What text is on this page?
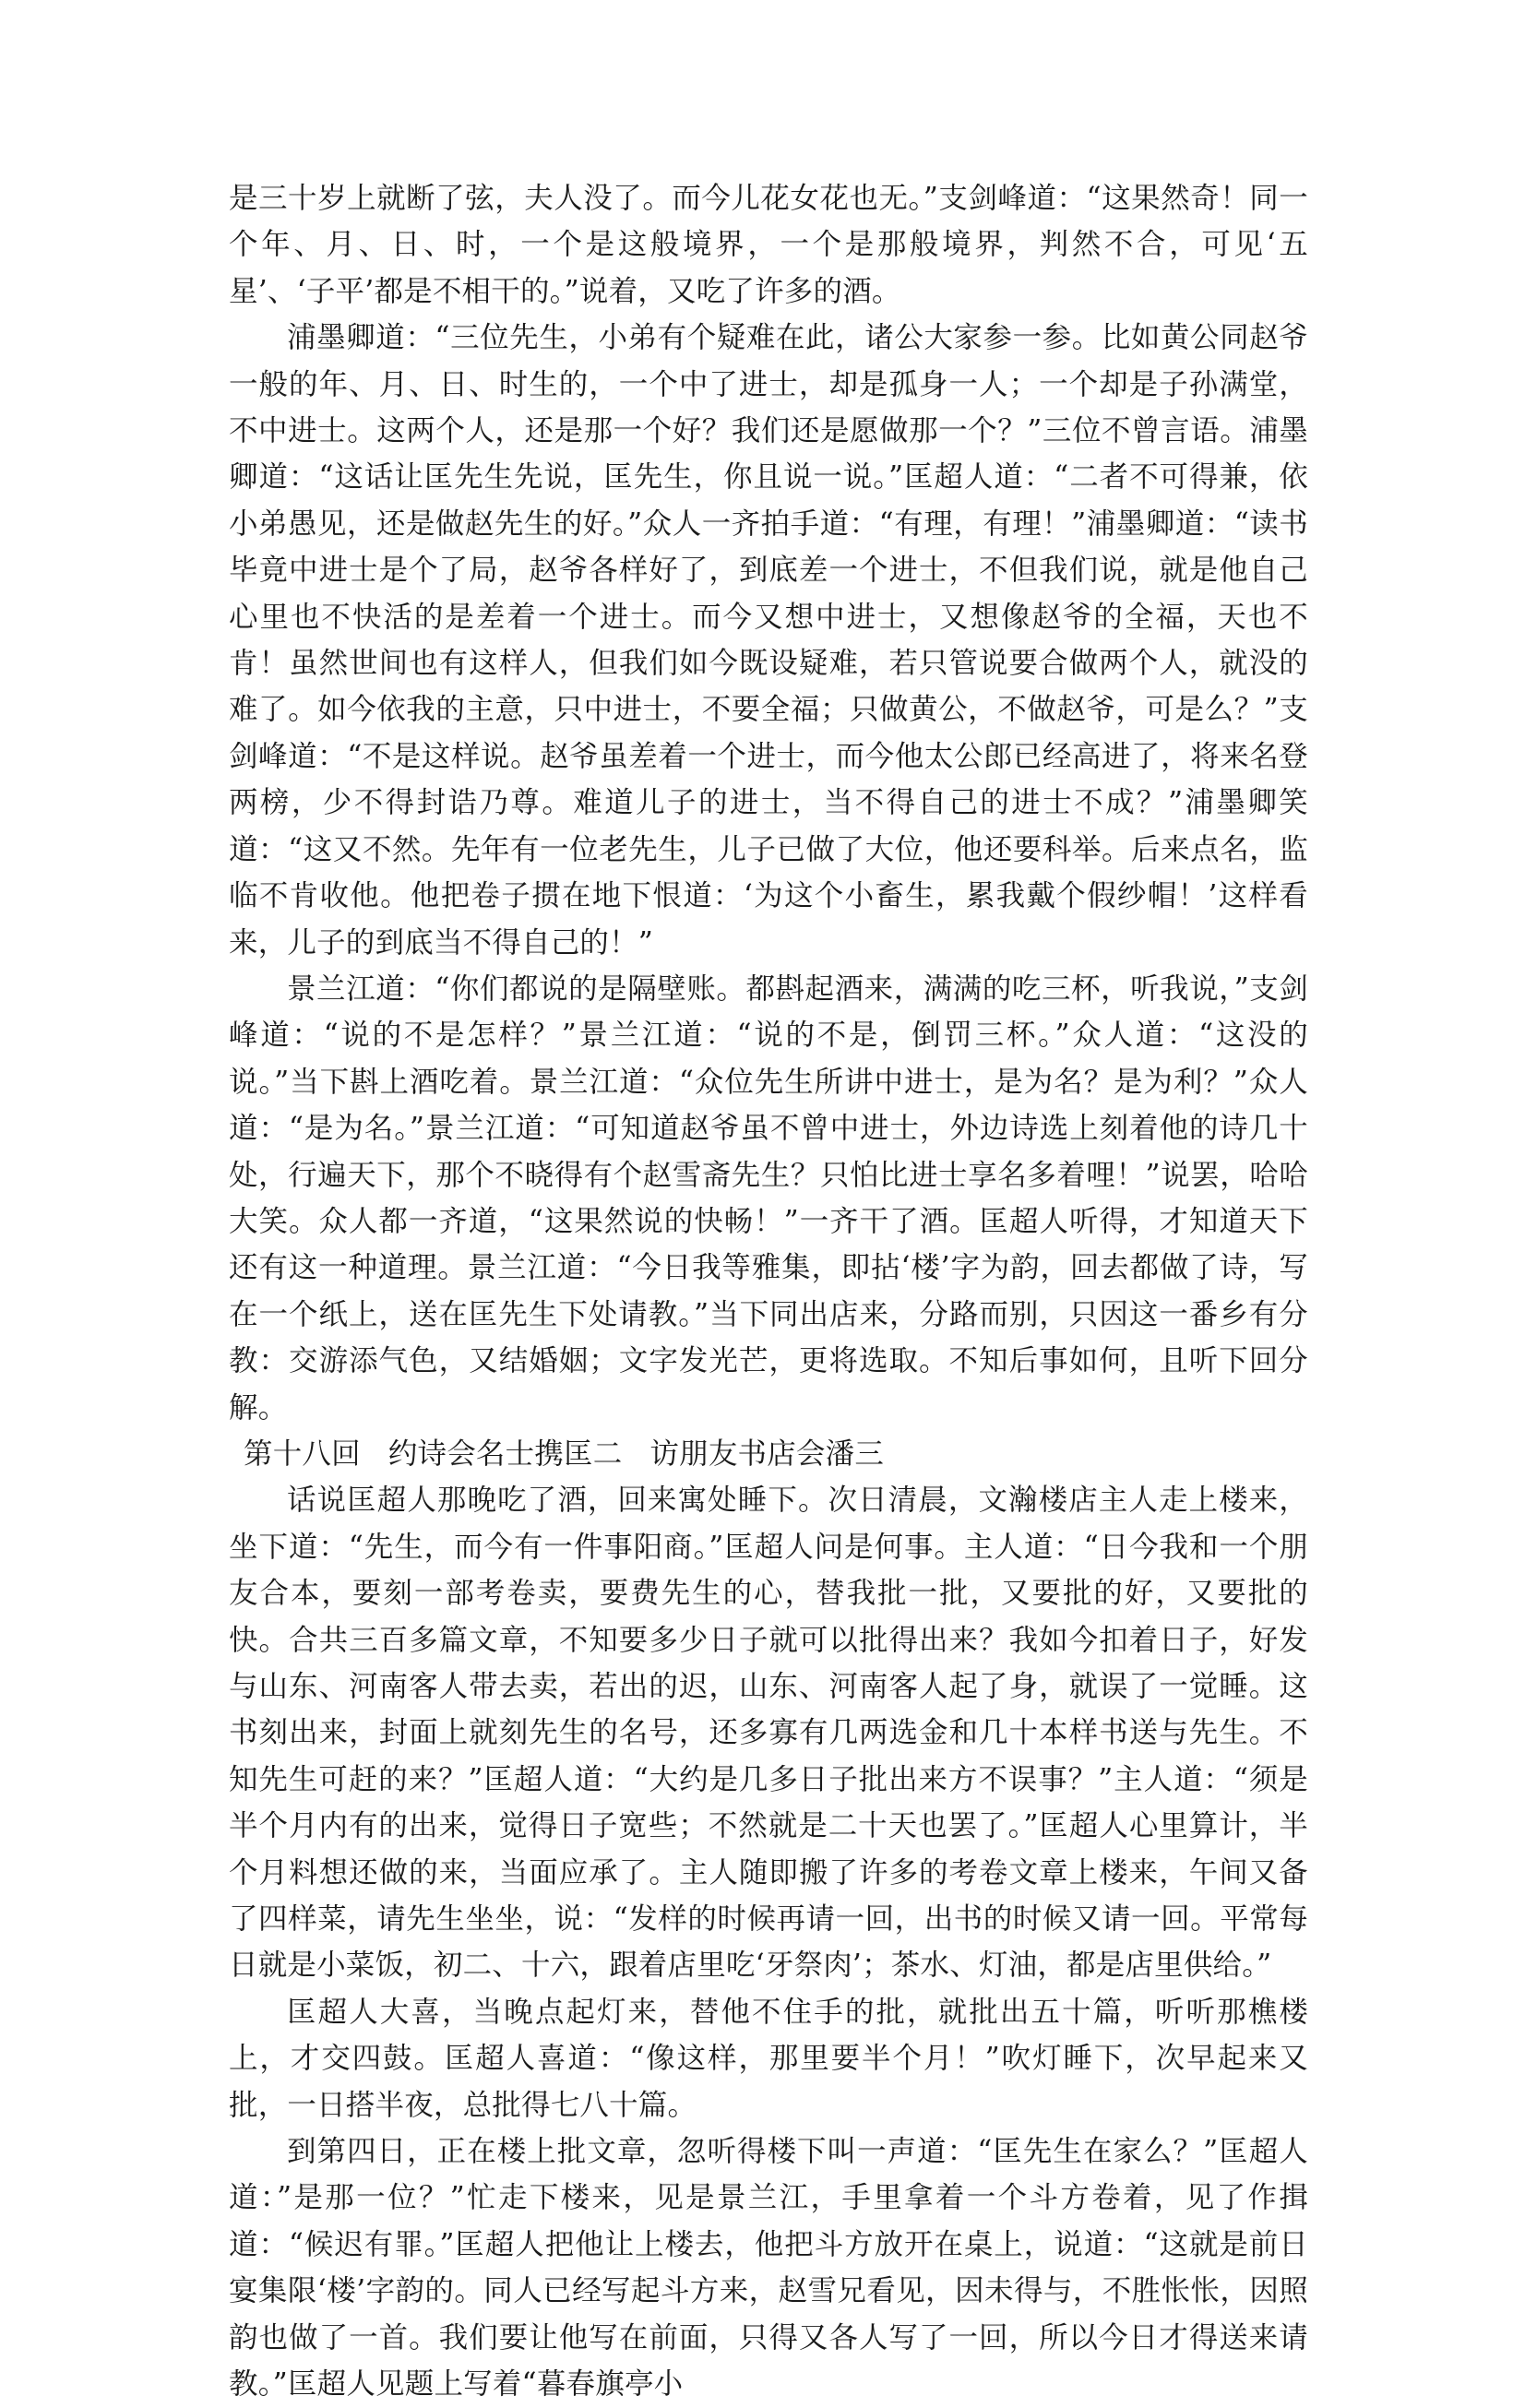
是三十岁上就断了弦，夫人没了。而今儿花女花也无。”支剑峰道：“这果然奇！同一个年、月、日、时，一个是这般境界，一个是那般境界，判然不合，可见‘五星’、‘子平’都是不相干的。”说着，又吃了许多的酒。

浦墨卿道：“三位先生，小弟有个疑难在此，诸公大家参一参。比如黄公同赵爷一般的年、月、日、时生的，一个中了进士，却是孤身一人；一个却是子孙满堂，不中进士。这两个人，还是那一个好？我们还是愿做那一个？”三位不曾言语。浦墨卿道：“这话让匡先生先说，匡先生，你且说一说。”匡超人道：“二者不可得兼，依小弟愚见，还是做赵先生的好。”众人一齐拍手道：“有理，有理！”浦墨卿道：“读书毕竟中进士是个了局，赵爷各样好了，到底差一个进士，不但我们说，就是他自己心里也不快活的是差着一个进士。而今又想中进士，又想像赵爷的全福，天也不肯！虽然世间也有这样人，但我们如今既设疑难，若只管说要合做两个人，就没的难了。如今依我的主意，只中进士，不要全福；只做黄公，不做赵爷，可是么？”支剑峰道：“不是这样说。赵爷虽差着一个进士，而今他太公郎已经高进了，将来名登两榜，少不得封诰乃尊。难道儿子的进士，当不得自己的进士不成？”浦墨卿笑道：“这又不然。先年有一位老先生，儿子已做了大位，他还要科举。后来点名，监临不肯收他。他把卷子掼在地下恨道：‘为这个小畜生，累我戴个假纱帽！’这样看来，儿子的到底当不得自己的！”

景兰江道：“你们都说的是隔壁账。都斟起酒来，满满的吃三杯，听我说，”支剑峰道：“说的不是怎样？”景兰江道：“说的不是，倒罚三杯。”众人道：“这没的说。”当下斟上酒吃着。景兰江道：“众位先生所讲中进士，是为名？是为利？”众人道：“是为名。”景兰江道：“可知道赵爷虽不曾中进士，外边诗选上刻着他的诗几十处，行遍天下，那个不晓得有个赵雪斋先生？只怕比进士享名多着哩！”说罢，哈哈大笑。众人都一齐道，“这果然说的快畅！”一齐干了酒。匡超人听得，才知道天下还有这一种道理。景兰江道：“今日我等雅集，即拈‘楼’字为韵，回去都做了诗，写在一个纸上，送在匡先生下处请教。”当下同出店来，分路而别，只因这一番乡有分教：交游添气色，又结婚姻；文字发光芒，更将选取。不知后事如何，且听下回分解。

第十八回 约诗会名士携匡二 访朋友书店会潘三

话说匡超人那晚吃了酒，回来寓处睡下。次日清晨，文瀚楼店主人走上楼来，坐下道：“先生，而今有一件事阳商。”匡超人问是何事。主人道：“日今我和一个朋友合本，要刻一部考卷卖，要费先生的心，替我批一批，又要批的好，又要批的快。合共三百多篇文章，不知要多少日子就可以批得出来？我如今扣着日子，好发与山东、河南客人带去卖，若出的迟，山东、河南客人起了身，就误了一觉睡。这书刻出来，封面上就刻先生的名号，还多寡有几两选金和几十本样书送与先生。不知先生可赶的来？”匡超人道：“大约是几多日子批出来方不误事？”主人道：“须是半个月内有的出来，觉得日子宽些；不然就是二十天也罢了。”匡超人心里算计，半个月料想还做的来，当面应承了。主人随即搬了许多的考卷文章上楼来，午间又备了四样菜，请先生坐坐，说：“发样的时候再请一回，出书的时候又请一回。平常每日就是小菜饭，初二、十六，跟着店里吃‘牙祭肉’；茶水、灯油，都是店里供给。”

匡超人大喜，当晚点起灯来，替他不住手的批，就批出五十篇，听听那樵楼上，才交四鼓。匡超人喜道：“像这样，那里要半个月！”吹灯睡下，次早起来又批，一日搭半夜，总批得七八十篇。

到第四日，正在楼上批文章，忽听得楼下叫一声道：“匡先生在家么？”匡超人道：”是那一位？”忙走下楼来，见是景兰江，手里拿着一个斗方卷着，见了作揖道：“候迟有罪。”匡超人把他让上楼去，他把斗方放开在桌上，说道：“这就是前日宴集限‘楼’字韵的。同人已经写起斗方来，赵雪兄看见，因未得与，不胜怅怅，因照韵也做了一首。我们要让他写在前面，只得又各人写了一回，所以今日才得送来请教。”匡超人见题上写着“暮春旗亭小
